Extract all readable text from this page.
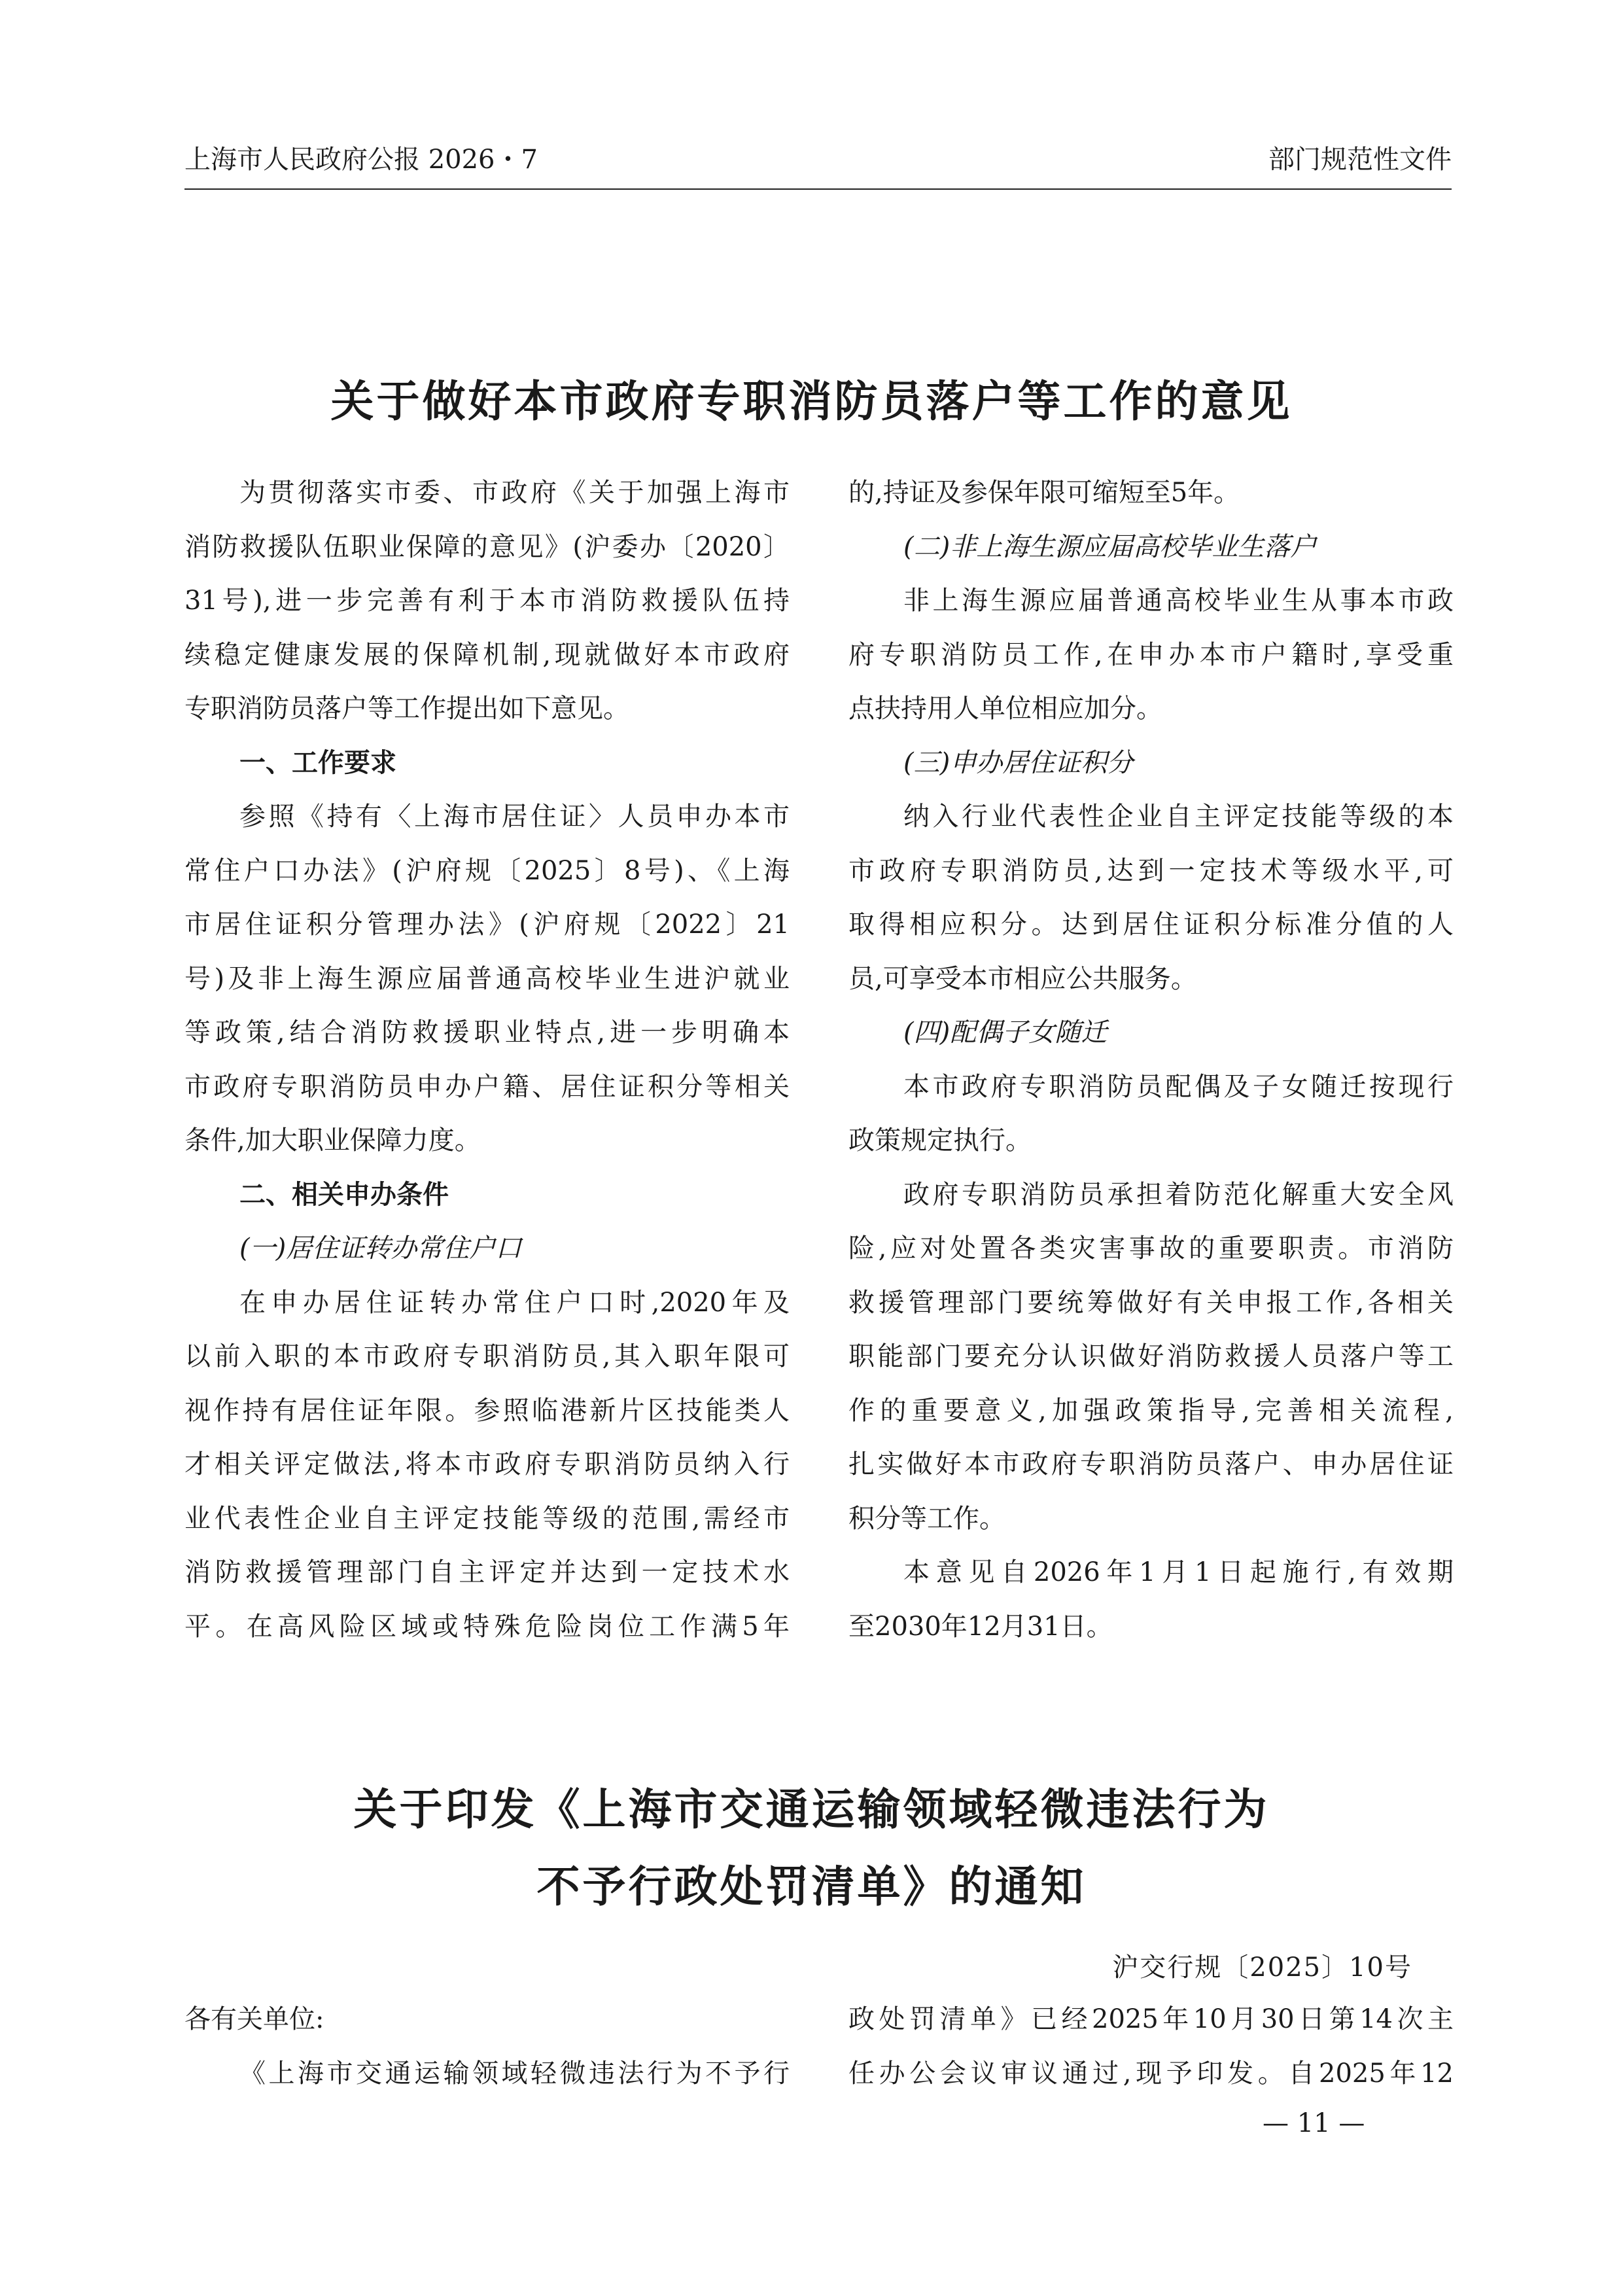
上海市人民政府公报 2026・7	部门规范性文件
关于做好本市政府专职消防员落户等工作的意见
为贯彻落实市委、市政府《关于加强上海市
消防救援队伍职业保障的意见》(沪委办〔2020〕
31号),进一步完善有利于本市消防救援队伍持
续稳定健康发展的保障机制,现就做好本市政府
专职消防员落户等工作提出如下意见。
一、工作要求
参照《持有〈上海市居住证〉人员申办本市
常住户口办法》(沪府规〔2025〕8号)、《上海
市居住证积分管理办法》(沪府规〔2022〕21
号)及非上海生源应届普通高校毕业生进沪就业
等政策,结合消防救援职业特点,进一步明确本
市政府专职消防员申办户籍、居住证积分等相关
条件,加大职业保障力度。
二、相关申办条件
(一)居住证转办常住户口
在申办居住证转办常住户口时,2020年及
以前入职的本市政府专职消防员,其入职年限可
视作持有居住证年限。参照临港新片区技能类人
才相关评定做法,将本市政府专职消防员纳入行
业代表性企业自主评定技能等级的范围,需经市
消防救援管理部门自主评定并达到一定技术水
平。在高风险区域或特殊危险岗位工作满5年
的,持证及参保年限可缩短至5年。
(二)非上海生源应届高校毕业生落户
非上海生源应届普通高校毕业生从事本市政
府专职消防员工作,在申办本市户籍时,享受重
点扶持用人单位相应加分。
(三)申办居住证积分
纳入行业代表性企业自主评定技能等级的本
市政府专职消防员,达到一定技术等级水平,可
取得相应积分。达到居住证积分标准分值的人
员,可享受本市相应公共服务。
(四)配偶子女随迁
本市政府专职消防员配偶及子女随迁按现行
政策规定执行。
政府专职消防员承担着防范化解重大安全风
险,应对处置各类灾害事故的重要职责。市消防
救援管理部门要统筹做好有关申报工作,各相关
职能部门要充分认识做好消防救援人员落户等工
作的重要意义,加强政策指导,完善相关流程,
扎实做好本市政府专职消防员落户、申办居住证
积分等工作。
本意见自2026年1月1日起施行,有效期
至2030年12月31日。
关于印发《上海市交通运输领域轻微违法行为
不予行政处罚清单》的通知
沪交行规〔2025〕10号
各有关单位:
《上海市交通运输领域轻微违法行为不予行
政处罚清单》已经2025年10月30日第14次主
任办公会议审议通过,现予印发。自2025年12
— 11 —
